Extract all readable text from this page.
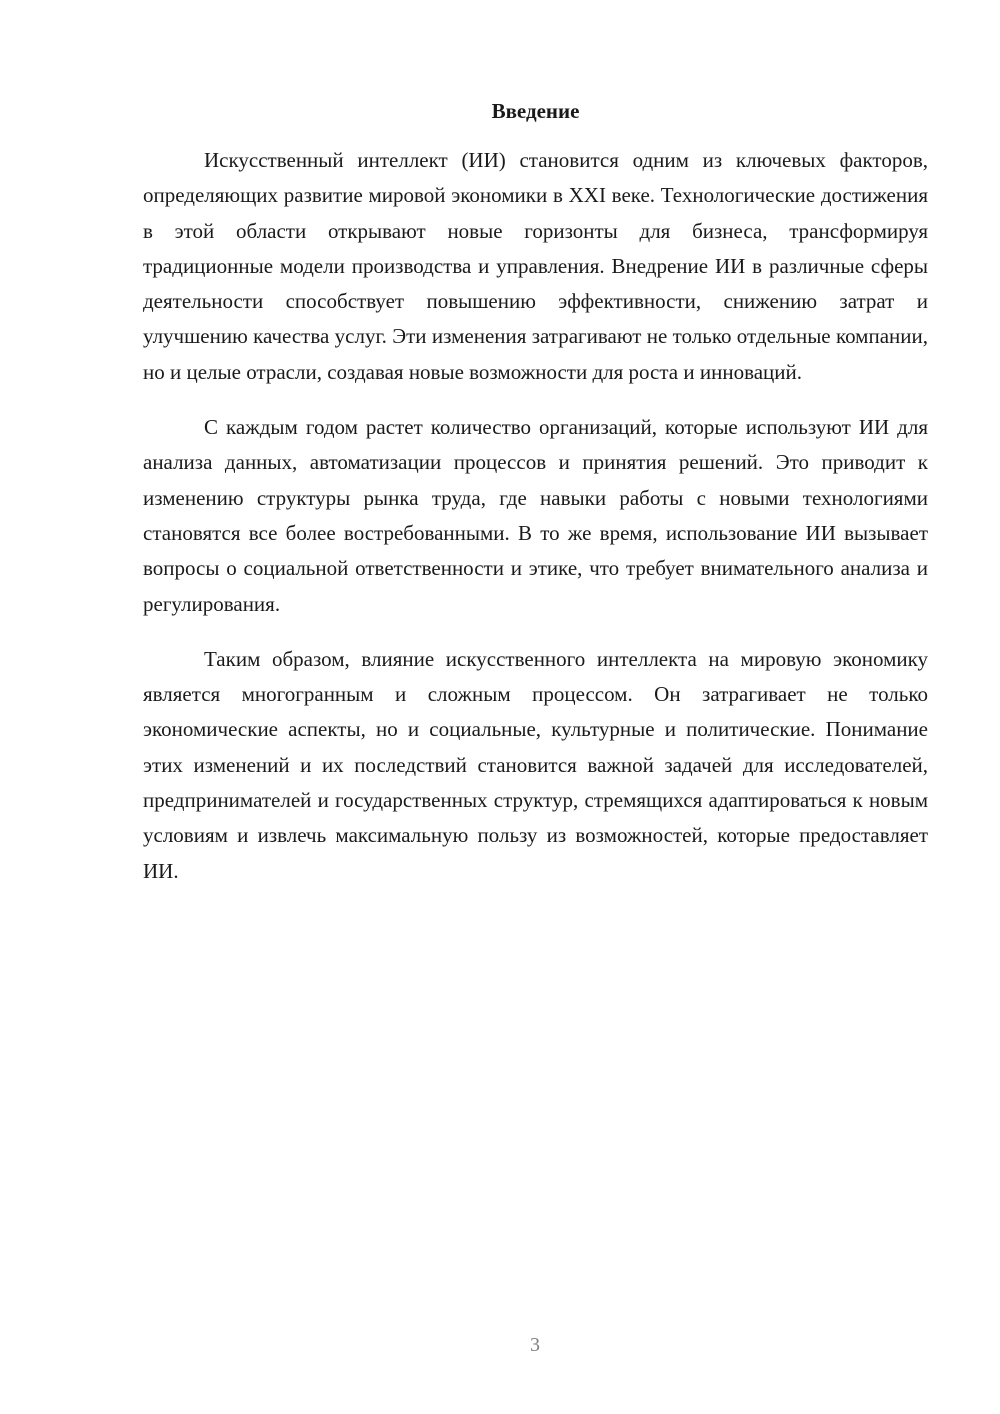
Введение

Искусственный интеллект (ИИ) становится одним из ключевых факторов, определяющих развитие мировой экономики в XXI веке. Технологические достижения в этой области открывают новые горизонты для бизнеса, трансформируя традиционные модели производства и управления. Внедрение ИИ в различные сферы деятельности способствует повышению эффективности, снижению затрат и улучшению качества услуг. Эти изменения затрагивают не только отдельные компании, но и целые отрасли, создавая новые возможности для роста и инноваций.

С каждым годом растет количество организаций, которые используют ИИ для анализа данных, автоматизации процессов и принятия решений. Это приводит к изменению структуры рынка труда, где навыки работы с новыми технологиями становятся все более востребованными. В то же время, использование ИИ вызывает вопросы о социальной ответственности и этике, что требует внимательного анализа и регулирования.

Таким образом, влияние искусственного интеллекта на мировую экономику является многогранным и сложным процессом. Он затрагивает не только экономические аспекты, но и социальные, культурные и политические. Понимание этих изменений и их последствий становится важной задачей для исследователей, предпринимателей и государственных структур, стремящихся адаптироваться к новым условиям и извлечь максимальную пользу из возможностей, которые предоставляет ИИ.

3
